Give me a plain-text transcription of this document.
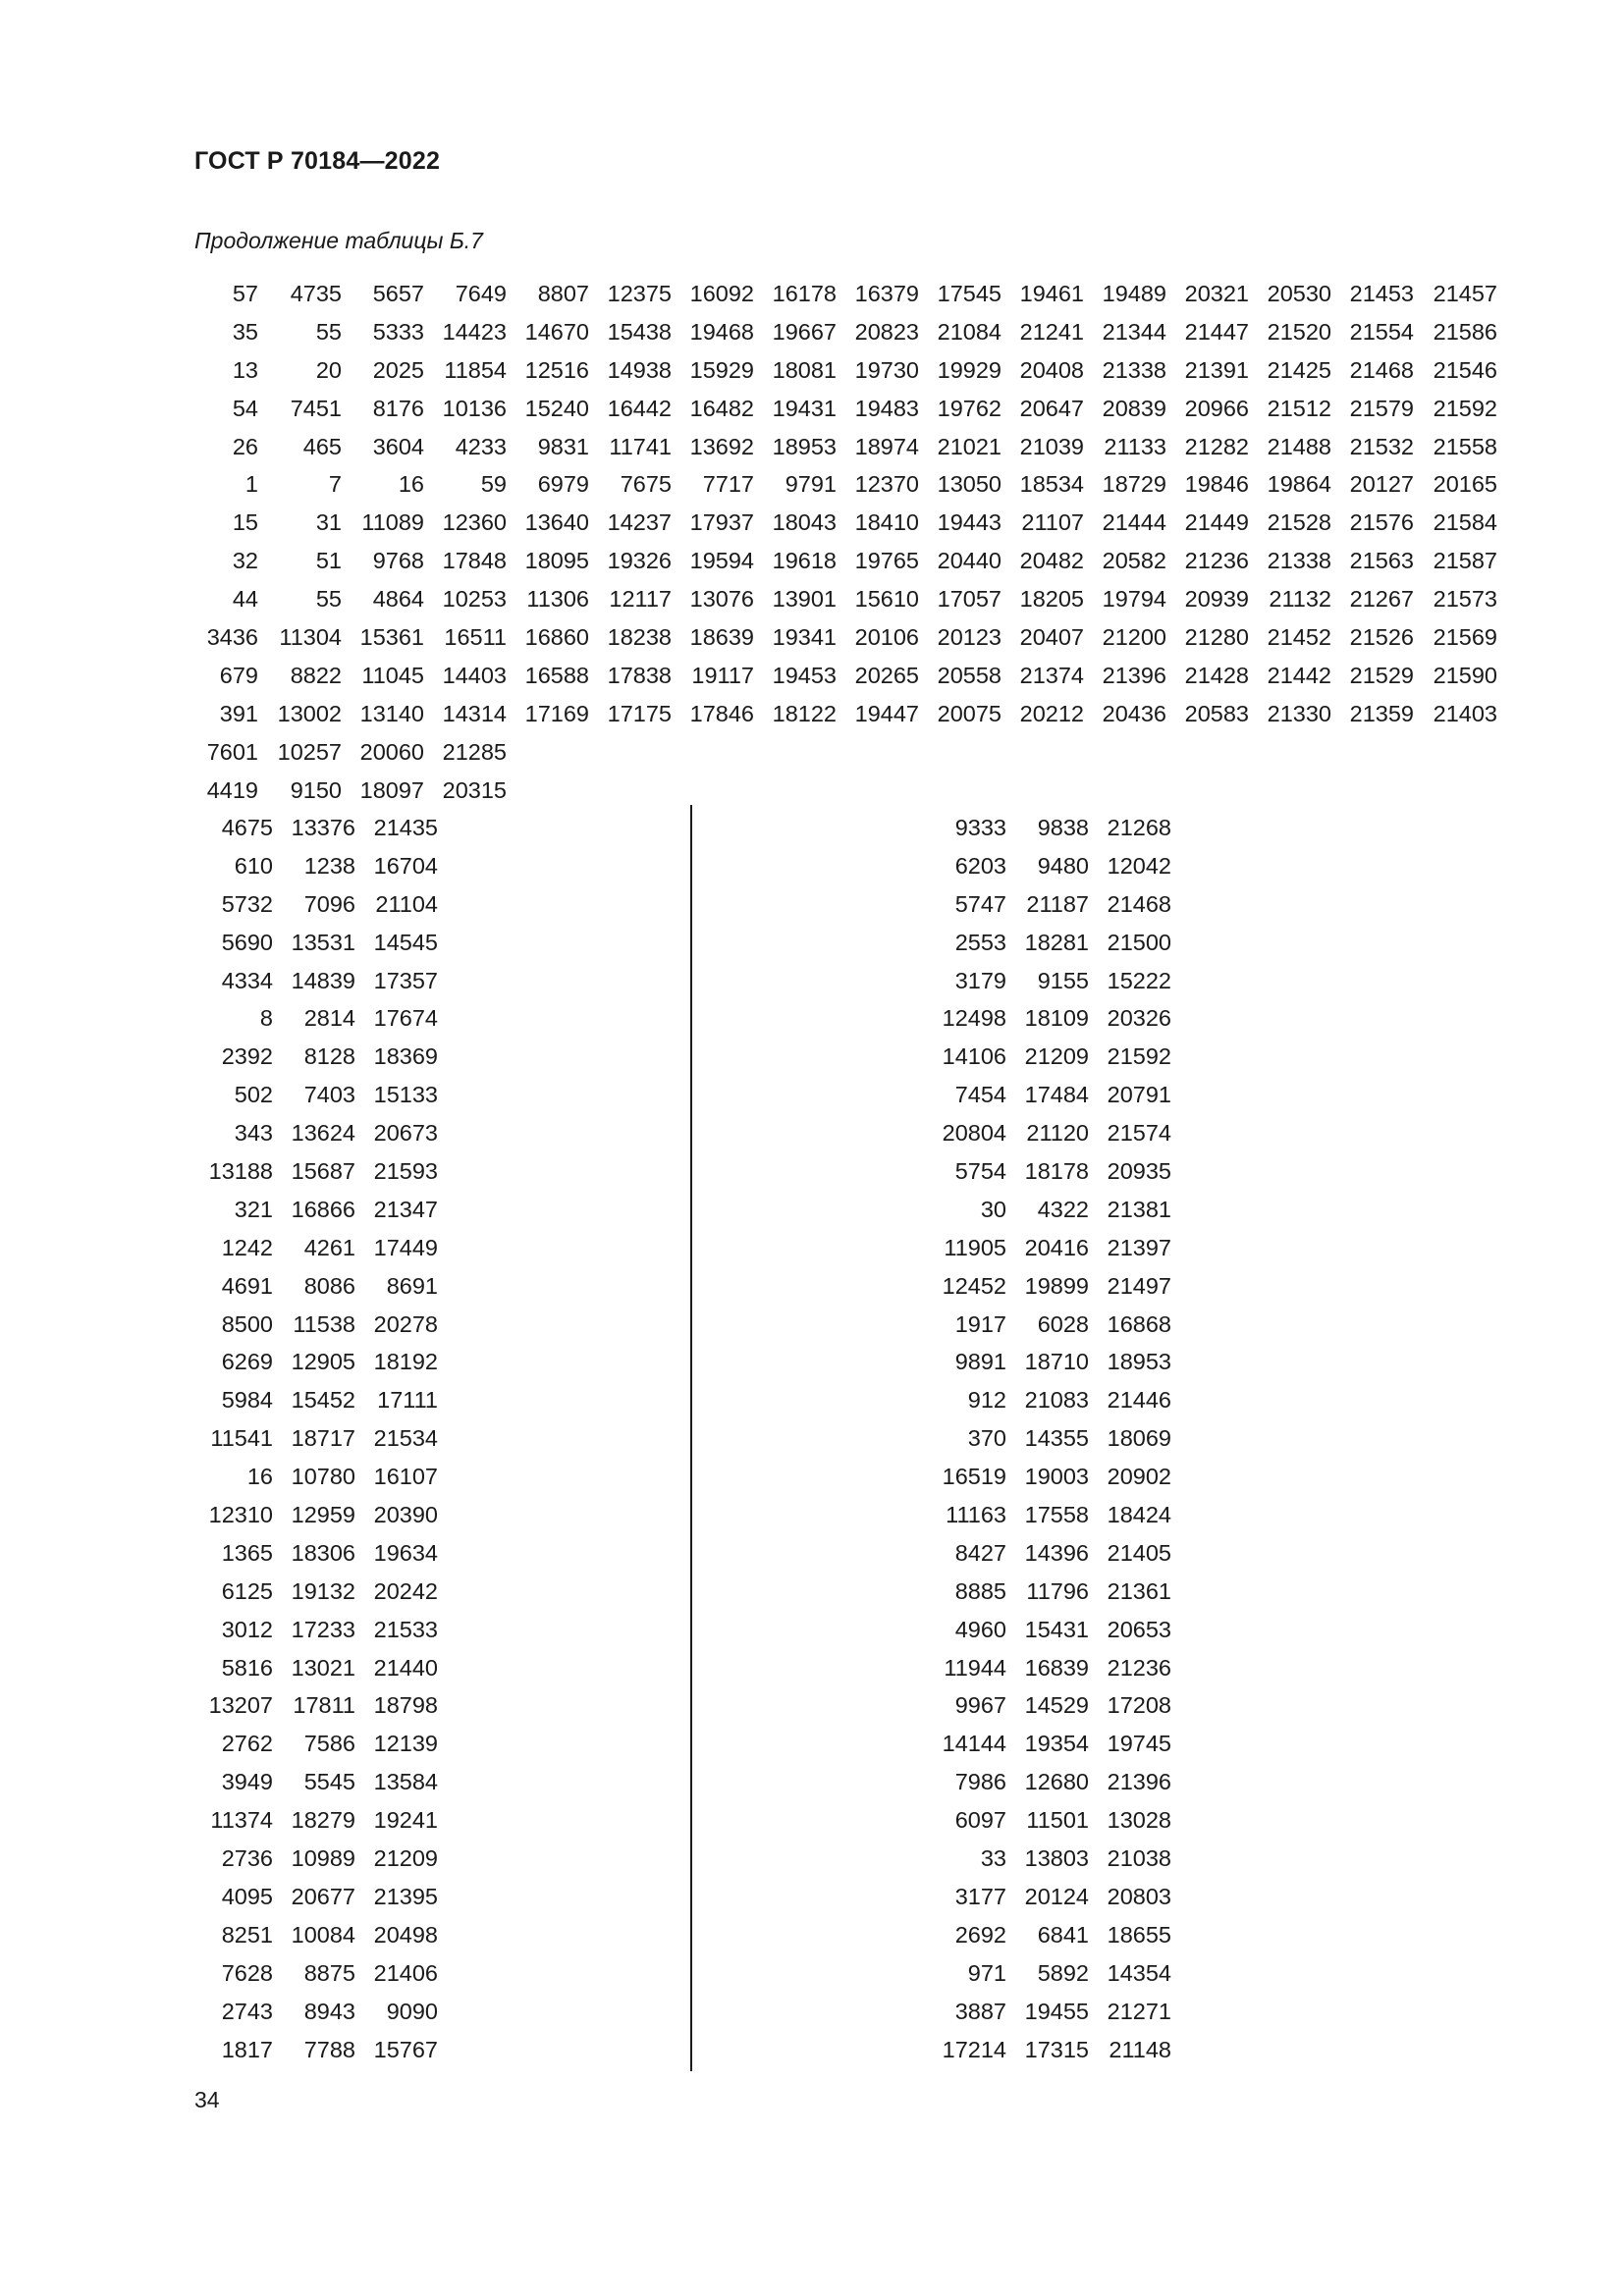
ГОСТ Р 70184—2022
Продолжение таблицы Б.7
57	4735	5657	7649	8807 12375 16092 16178 16379 17545 19461 19489 20321 20530 21453 21457
35	55	5333 14423 14670 15438 19468 19667 20823 21084 21241 21344 21447 21520 21554 21586
13	20	2025 11854 12516 14938 15929 18081 19730 19929 20408 21338 21391 21425 21468 21546
54	7451	8176 10136 15240 16442 16482 19431 19483 19762 20647 20839 20966 21512 21579 21592
26	465	3604	4233	9831 11741 13692 18953 18974 21021 21039 21133 21282 21488 21532 21558
1	7	16	59	6979	7675	7717	9791 12370 13050 18534 18729 19846 19864 20127 20165
15	31 11089 12360 13640 14237 17937 18043 18410 19443 21107 21444 21449 21528 21576 21584
32	51	9768 17848 18095 19326 19594 19618 19765 20440 20482 20582 21236 21338 21563 21587
44	55	4864 10253 11306 12117 13076 13901 15610 17057 18205 19794 20939 21132 21267 21573
3436 11304 15361 16511 16860 18238 18639 19341 20106 20123 20407 21200 21280 21452 21526 21569
679	8822 11045 14403 16588 17838 19117 19453 20265 20558 21374 21396 21428 21442 21529 21590
391 13002 13140 14314 17169 17175 17846 18122 19447 20075 20212 20436 20583 21330 21359 21403
7601 10257 20060 21285
4419	9150 18097 20315
4675 13376 21435
610	1238 16704
5732	7096 21104
5690 13531 14545
4334 14839 17357
8	2814 17674
2392	8128 18369
502	7403 15133
343 13624 20673
13188 15687 21593
321 16866 21347
1242	4261 17449
4691	8086	8691
8500 11538 20278
6269 12905 18192
5984 15452 17111
11541 18717 21534
16 10780 16107
12310 12959 20390
1365 18306 19634
6125 19132 20242
3012 17233 21533
5816 13021 21440
13207 17811 18798
2762	7586 12139
3949	5545 13584
11374 18279 19241
2736 10989 21209
4095 20677 21395
8251 10084 20498
7628	8875 21406
2743	8943	9090
1817	7788 15767
9333	9838 21268
6203	9480 12042
5747 21187 21468
2553 18281 21500
3179	9155 15222
12498 18109 20326
14106 21209 21592
7454 17484 20791
20804 21120 21574
5754 18178 20935
30	4322 21381
11905 20416 21397
12452 19899 21497
1917	6028 16868
9891 18710 18953
912 21083 21446
370 14355 18069
16519 19003 20902
11163 17558 18424
8427 14396 21405
8885 11796 21361
4960 15431 20653
11944 16839 21236
9967 14529 17208
14144 19354 19745
7986 12680 21396
6097 11501 13028
33 13803 21038
3177 20124 20803
2692	6841 18655
971	5892 14354
3887 19455 21271
17214 17315 21148
34
